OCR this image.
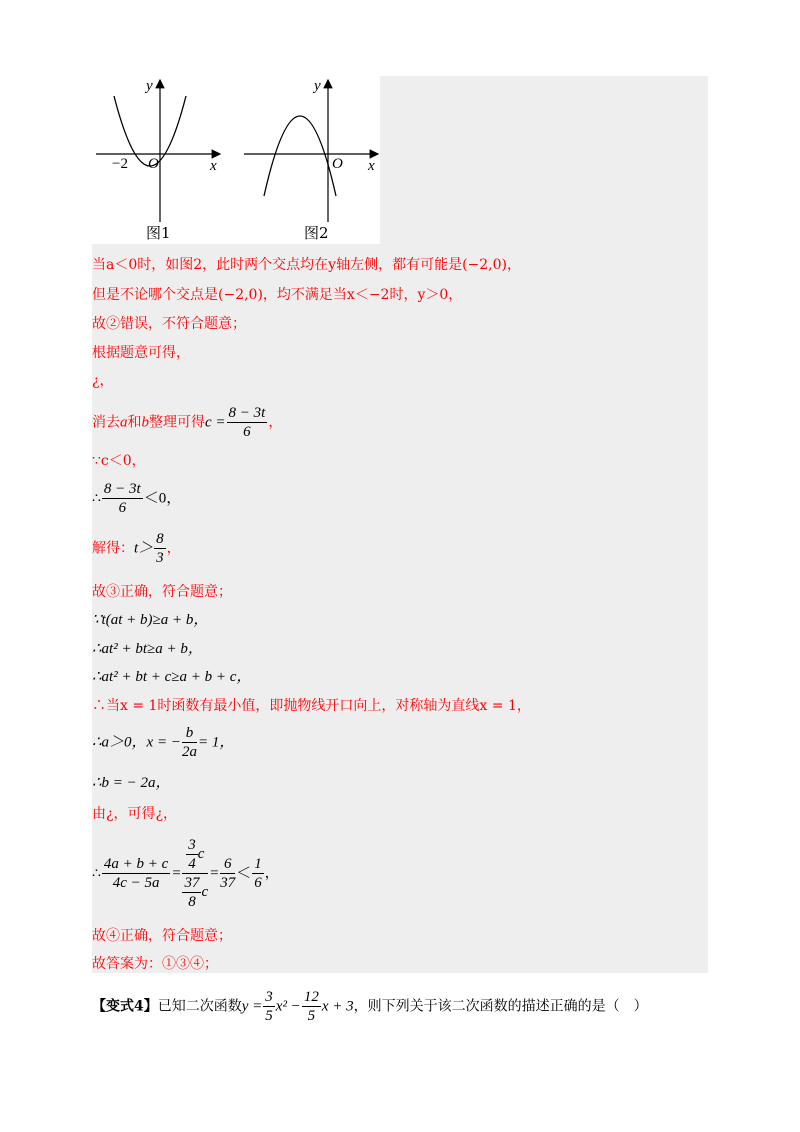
y
x
O
−2
图1
y
x
O
图2
当a＜0时，如图2，此时两个交点均在y轴左侧，都有可能是(−2,0)，
但是不论哪个交点是(−2,0)，均不满足当x＜−2时，y＞0，
故②错误，不符合题意；
根据题意可得，
¿，
消去a和b整理可得$c = \frac{8 - 3t}{6}$ ，
∵c＜0，
∴ $\frac{8 - 3t}{6} <0$，
解得：$t> \frac{8}{3}$ ，
故③正确，符合题意；
∵t(at + b)≥a + b，
∴at² + bt≥a + b，
∴at² + bt + c≥a + b + c，
∴当x = 1时函数有最小值，即抛物线开口向上，对称轴为直线x = 1，
∴a＞0，x = − $\frac{b}{2a} = 1$，
∴b = − 2a，
由¿，可得¿，
∴ $\frac{4a + b + c}{4c - 5a} = \frac{\frac{3}{4} c}{\frac{37}{8} c} = \frac{6}{37} < \frac{1}{6}$ ，
故④正确，符合题意；
故答案为：①③④；
【变式4】已知二次函数$y = \frac{3}{5} x^2 - \frac{12}{5}$ x + 3，则下列关于该二次函数的描述正确的是（　）
